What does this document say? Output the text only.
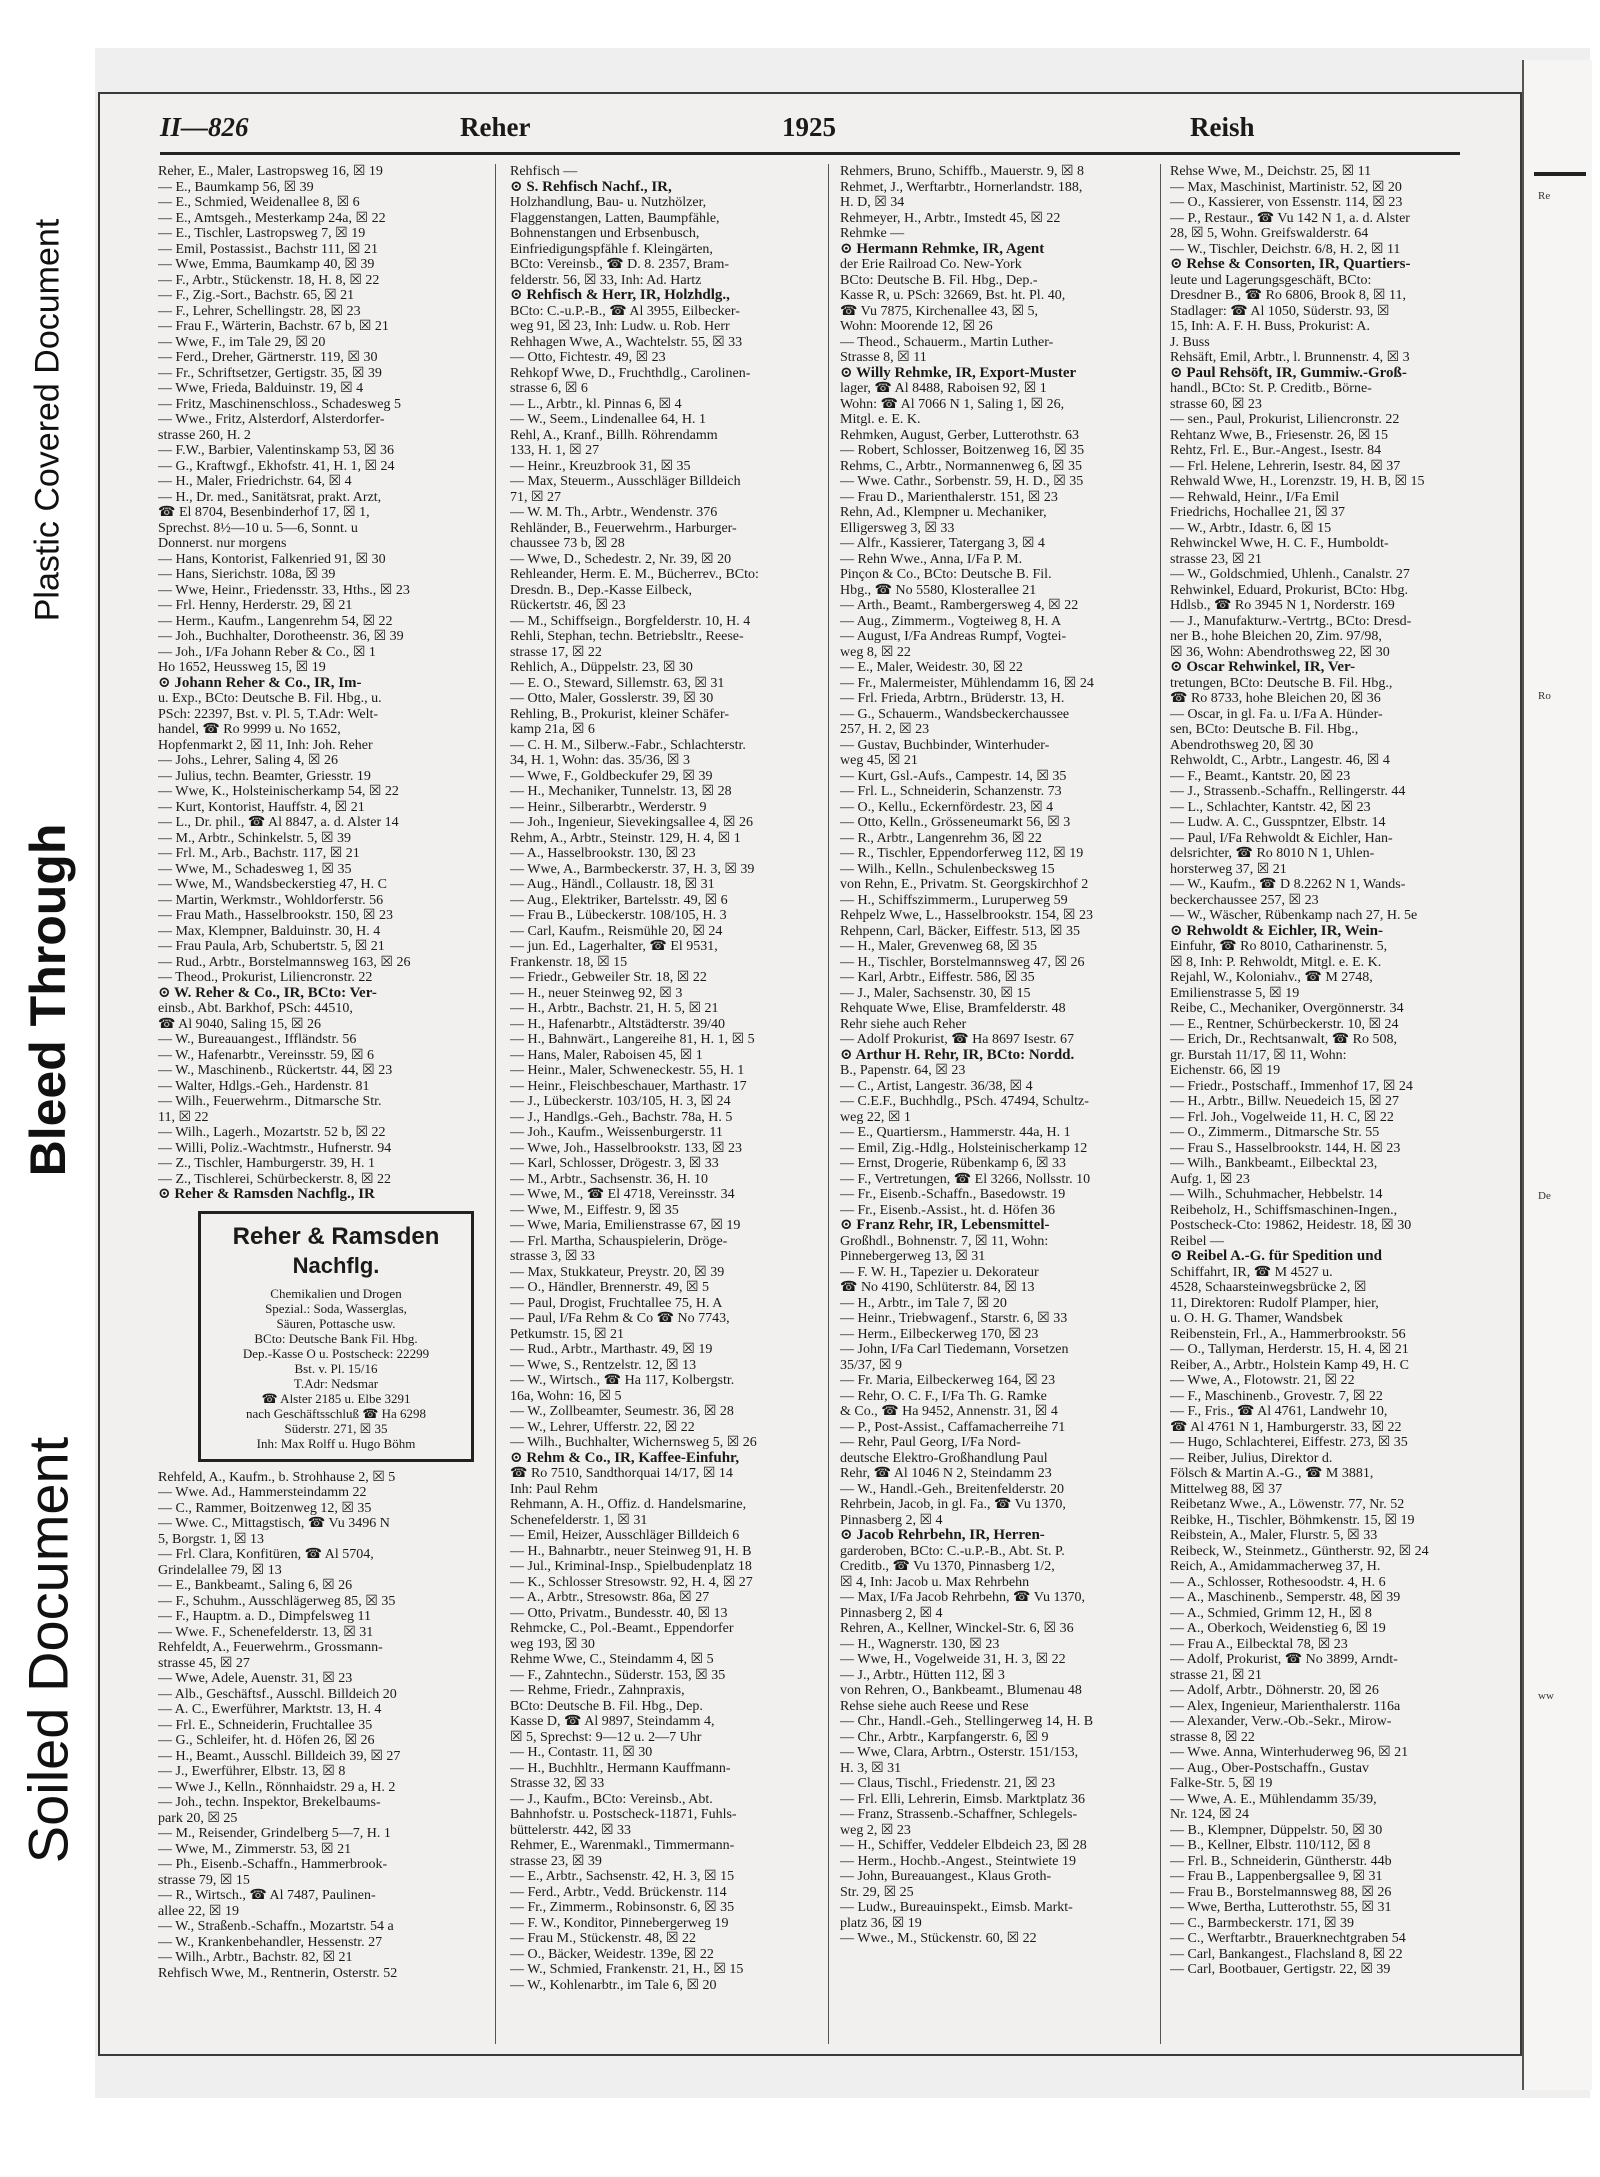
Plastic Covered Document
Bleed Through
Soiled Document
Re
Ro
De
ww
II—826	Reher	1925	Reish
Reher, E., Maler, Lastropsweg 16, ☒ 19
— E., Baumkamp 56, ☒ 39
— E., Schmied, Weidenallee 8, ☒ 6
— E., Amtsgeh., Mesterkamp 24a, ☒ 22
— E., Tischler, Lastropsweg 7, ☒ 19
— Emil, Postassist., Bachstr 111, ☒ 21
— Wwe, Emma, Baumkamp 40, ☒ 39
— F., Arbtr., Stückenstr. 18, H. 8, ☒ 22
— F., Zig.-Sort., Bachstr. 65, ☒ 21
— F., Lehrer, Schellingstr. 28, ☒ 23
— Frau F., Wärterin, Bachstr. 67 b, ☒ 21
— Wwe, F., im Tale 29, ☒ 20
— Ferd., Dreher, Gärtnerstr. 119, ☒ 30
— Fr., Schriftsetzer, Gertigstr. 35, ☒ 39
— Wwe, Frieda, Balduinstr. 19, ☒ 4
— Fritz, Maschinenschloss., Schadesweg 5
— Wwe., Fritz, Alsterdorf, Alsterdorfer-
strasse 260, H. 2
— F.W., Barbier, Valentinskamp 53, ☒ 36
— G., Kraftwgf., Ekhofstr. 41, H. 1, ☒ 24
— H., Maler, Friedrichstr. 64, ☒ 4
— H., Dr. med., Sanitätsrat, prakt. Arzt,
☎ El 8704, Besenbinderhof 17, ☒ 1,
Sprechst. 8½—10 u. 5—6, Sonnt. u
Donnerst. nur morgens
— Hans, Kontorist, Falkenried 91, ☒ 30
— Hans, Sierichstr. 108a, ☒ 39
— Wwe, Heinr., Friedensstr. 33, Hths., ☒ 23
— Frl. Henny, Herderstr. 29, ☒ 21
— Herm., Kaufm., Langenrehm 54, ☒ 22
— Joh., Buchhalter, Dorotheenstr. 36, ☒ 39
— Joh., I/Fa Johann Reber & Co., ☒ 1
Ho 1652, Heussweg 15, ☒ 19
⊙ Johann Reher & Co., IR, Im-
u. Exp., BCto: Deutsche B. Fil. Hbg., u.
PSch: 22397, Bst. v. Pl. 5, T.Adr: Welt-
handel, ☎ Ro 9999 u. No 1652,
Hopfenmarkt 2, ☒ 11, Inh: Joh. Reher
— Johs., Lehrer, Saling 4, ☒ 26
— Julius, techn. Beamter, Griesstr. 19
— Wwe, K., Holsteinischerkamp 54, ☒ 22
— Kurt, Kontorist, Hauffstr. 4, ☒ 21
— L., Dr. phil., ☎ Al 8847, a. d. Alster 14
— M., Arbtr., Schinkelstr. 5, ☒ 39
— Frl. M., Arb., Bachstr. 117, ☒ 21
— Wwe, M., Schadesweg 1, ☒ 35
— Wwe, M., Wandsbeckerstieg 47, H. C
— Martin, Werkmstr., Wohldorferstr. 56
— Frau Math., Hasselbrookstr. 150, ☒ 23
— Max, Klempner, Balduinstr. 30, H. 4
— Frau Paula, Arb, Schubertstr. 5, ☒ 21
— Rud., Arbtr., Borstelmannsweg 163, ☒ 26
— Theod., Prokurist, Liliencronstr. 22
⊙ W. Reher & Co., IR, BCto: Ver-
einsb., Abt. Barkhof, PSch: 44510,
☎ Al 9040, Saling 15, ☒ 26
— W., Bureauangest., Iffländstr. 56
— W., Hafenarbtr., Vereinsstr. 59, ☒ 6
— W., Maschinenb., Rückertstr. 44, ☒ 23
— Walter, Hdlgs.-Geh., Hardenstr. 81
— Wilh., Feuerwehrm., Ditmarsche Str.
11, ☒ 22
— Wilh., Lagerh., Mozartstr. 52 b, ☒ 22
— Willi, Poliz.-Wachtmstr., Hufnerstr. 94
— Z., Tischler, Hamburgerstr. 39, H. 1
— Z., Tischlerei, Schürbeckerstr. 8, ☒ 22
⊙ Reher & Ramsden Nachflg., IR
Reher & Ramsden
Nachflg.
Chemikalien und Drogen
Spezial.: Soda, Wasserglas,
Säuren, Pottasche usw.
BCto: Deutsche Bank Fil. Hbg.
Dep.-Kasse O u. Postscheck: 22299
Bst. v. Pl. 15/16
T.Adr: Nedsmar
☎ Alster 2185 u. Elbe 3291
nach Geschäftsschluß ☎ Ha 6298
Süderstr. 271, ☒ 35
Inh: Max Rolff u. Hugo Böhm
Rehfeld, A., Kaufm., b. Strohhause 2, ☒ 5
— Wwe. Ad., Hammersteindamm 22
— C., Rammer, Boitzenweg 12, ☒ 35
— Wwe. C., Mittagstisch, ☎ Vu 3496 N
5, Borgstr. 1, ☒ 13
— Frl. Clara, Konfitüren, ☎ Al 5704,
Grindelallee 79, ☒ 13
— E., Bankbeamt., Saling 6, ☒ 26
— F., Schuhm., Ausschlägerweg 85, ☒ 35
— F., Hauptm. a. D., Dimpfelsweg 11
— Wwe. F., Schenefelderstr. 13, ☒ 31
Rehfeldt, A., Feuerwehrm., Grossmann-
strasse 45, ☒ 27
— Wwe, Adele, Auenstr. 31, ☒ 23
— Alb., Geschäftsf., Ausschl. Billdeich 20
— A. C., Ewerführer, Marktstr. 13, H. 4
— Frl. E., Schneiderin, Fruchtallee 35
— G., Schleifer, ht. d. Höfen 26, ☒ 26
— H., Beamt., Ausschl. Billdeich 39, ☒ 27
— J., Ewerführer, Elbstr. 13, ☒ 8
— Wwe J., Kelln., Rönnhaidstr. 29 a, H. 2
— Joh., techn. Inspektor, Brekelbaums-
park 20, ☒ 25
— M., Reisender, Grindelberg 5—7, H. 1
— Wwe, M., Zimmerstr. 53, ☒ 21
— Ph., Eisenb.-Schaffn., Hammerbrook-
strasse 79, ☒ 15
— R., Wirtsch., ☎ Al 7487, Paulinen-
allee 22, ☒ 19
— W., Straßenb.-Schaffn., Mozartstr. 54 a
— W., Krankenbehandler, Hessenstr. 27
— Wilh., Arbtr., Bachstr. 82, ☒ 21
Rehfisch Wwe, M., Rentnerin, Osterstr. 52
Rehfisch —
⊙ S. Rehfisch Nachf., IR,
Holzhandlung, Bau- u. Nutzhölzer,
Flaggenstangen, Latten, Baumpfähle,
Bohnenstangen und Erbsenbusch,
Einfriedigungspfähle f. Kleingärten,
BCto: Vereinsb., ☎ D. 8. 2357, Bram-
felderstr. 56, ☒ 33, Inh: Ad. Hartz
⊙ Rehfisch & Herr, IR, Holzhdlg.,
BCto: C.-u.P.-B., ☎ Al 3955, Eilbecker-
weg 91, ☒ 23, Inh: Ludw. u. Rob. Herr
Rehhagen Wwe, A., Wachtelstr. 55, ☒ 33
— Otto, Fichtestr. 49, ☒ 23
Rehkopf Wwe, D., Fruchthdlg., Carolinen-
strasse 6, ☒ 6
— L., Arbtr., kl. Pinnas 6, ☒ 4
— W., Seem., Lindenallee 64, H. 1
Rehl, A., Kranf., Billh. Röhrendamm
133, H. 1, ☒ 27
— Heinr., Kreuzbrook 31, ☒ 35
— Max, Steuerm., Ausschläger Billdeich
71, ☒ 27
— W. M. Th., Arbtr., Wendenstr. 376
Rehländer, B., Feuerwehrm., Harburger-
chaussee 73 b, ☒ 28
— Wwe, D., Schedestr. 2, Nr. 39, ☒ 20
Rehleander, Herm. E. M., Bücherrev., BCto:
Dresdn. B., Dep.-Kasse Eilbeck,
Rückertstr. 46, ☒ 23
— M., Schiffseign., Borgfelderstr. 10, H. 4
Rehli, Stephan, techn. Betriebsltr., Reese-
strasse 17, ☒ 22
Rehlich, A., Düppelstr. 23, ☒ 30
— E. O., Steward, Sillemstr. 63, ☒ 31
— Otto, Maler, Gosslerstr. 39, ☒ 30
Rehling, B., Prokurist, kleiner Schäfer-
kamp 21a, ☒ 6
— C. H. M., Silberw.-Fabr., Schlachterstr.
34, H. 1, Wohn: das. 35/36, ☒ 3
— Wwe, F., Goldbeckufer 29, ☒ 39
— H., Mechaniker, Tunnelstr. 13, ☒ 28
— Heinr., Silberarbtr., Werderstr. 9
— Joh., Ingenieur, Sievekingsallee 4, ☒ 26
Rehm, A., Arbtr., Steinstr. 129, H. 4, ☒ 1
— A., Hasselbrookstr. 130, ☒ 23
— Wwe, A., Barmbeckerstr. 37, H. 3, ☒ 39
— Aug., Händl., Collaustr. 18, ☒ 31
— Aug., Elektriker, Bartelsstr. 49, ☒ 6
— Frau B., Lübeckerstr. 108/105, H. 3
— Carl, Kaufm., Reismühle 20, ☒ 24
— jun. Ed., Lagerhalter, ☎ El 9531,
Frankenstr. 18, ☒ 15
— Friedr., Gebweiler Str. 18, ☒ 22
— H., neuer Steinweg 92, ☒ 3
— H., Arbtr., Bachstr. 21, H. 5, ☒ 21
— H., Hafenarbtr., Altstädterstr. 39/40
— H., Bahnwärt., Langereihe 81, H. 1, ☒ 5
— Hans, Maler, Raboisen 45, ☒ 1
— Heinr., Maler, Schweneckestr. 55, H. 1
— Heinr., Fleischbeschauer, Marthastr. 17
— J., Lübeckerstr. 103/105, H. 3, ☒ 24
— J., Handlgs.-Geh., Bachstr. 78a, H. 5
— Joh., Kaufm., Weissenburgerstr. 11
— Wwe, Joh., Hasselbrookstr. 133, ☒ 23
— Karl, Schlosser, Drögestr. 3, ☒ 33
— M., Arbtr., Sachsenstr. 36, H. 10
— Wwe, M., ☎ El 4718, Vereinsstr. 34
— Wwe, M., Eiffestr. 9, ☒ 35
— Wwe, Maria, Emilienstrasse 67, ☒ 19
— Frl. Martha, Schauspielerin, Dröge-
strasse 3, ☒ 33
— Max, Stukkateur, Preystr. 20, ☒ 39
— O., Händler, Brennerstr. 49, ☒ 5
— Paul, Drogist, Fruchtallee 75, H. A
— Paul, I/Fa Rehm & Co ☎ No 7743,
Petkumstr. 15, ☒ 21
— Rud., Arbtr., Marthastr. 49, ☒ 19
— Wwe, S., Rentzelstr. 12, ☒ 13
— W., Wirtsch., ☎ Ha 117, Kolbergstr.
16a, Wohn: 16, ☒ 5
— W., Zollbeamter, Seumestr. 36, ☒ 28
— W., Lehrer, Ufferstr. 22, ☒ 22
— Wilh., Buchhalter, Wichernsweg 5, ☒ 26
⊙ Rehm & Co., IR, Kaffee-Einfuhr,
☎ Ro 7510, Sandthorquai 14/17, ☒ 14
Inh: Paul Rehm
Rehmann, A. H., Offiz. d. Handelsmarine,
Schenefelderstr. 1, ☒ 31
— Emil, Heizer, Ausschläger Billdeich 6
— H., Bahnarbtr., neuer Steinweg 91, H. B
— Jul., Kriminal-Insp., Spielbudenplatz 18
— K., Schlosser Stresowstr. 92, H. 4, ☒ 27
— A., Arbtr., Stresowstr. 86a, ☒ 27
— Otto, Privatm., Bundesstr. 40, ☒ 13
Rehmcke, C., Pol.-Beamt., Eppendorfer
weg 193, ☒ 30
Rehme Wwe, C., Steindamm 4, ☒ 5
— F., Zahntechn., Süderstr. 153, ☒ 35
— Rehme, Friedr., Zahnpraxis,
BCto: Deutsche B. Fil. Hbg., Dep.
Kasse D, ☎ Al 9897, Steindamm 4,
☒ 5, Sprechst: 9—12 u. 2—7 Uhr
— H., Contastr. 11, ☒ 30
— H., Buchhltr., Hermann Kauffmann-
Strasse 32, ☒ 33
— J., Kaufm., BCto: Vereinsb., Abt.
Bahnhofstr. u. Postscheck-11871, Fuhls-
büttelerstr. 442, ☒ 33
Rehmer, E., Warenmakl., Timmermann-
strasse 23, ☒ 39
— E., Arbtr., Sachsenstr. 42, H. 3, ☒ 15
— Ferd., Arbtr., Vedd. Brückenstr. 114
— Fr., Zimmerm., Robinsonstr. 6, ☒ 35
— F. W., Konditor, Pinnebergerweg 19
— Frau M., Stückenstr. 48, ☒ 22
— O., Bäcker, Weidestr. 139e, ☒ 22
— W., Schmied, Frankenstr. 21, H., ☒ 15
— W., Kohlenarbtr., im Tale 6, ☒ 20
Rehmers, Bruno, Schiffb., Mauerstr. 9, ☒ 8
Rehmet, J., Werftarbtr., Hornerlandstr. 188,
H. D, ☒ 34
Rehmeyer, H., Arbtr., Imstedt 45, ☒ 22
Rehmke —
⊙ Hermann Rehmke, IR, Agent
der Erie Railroad Co. New-York
BCto: Deutsche B. Fil. Hbg., Dep.-
Kasse R, u. PSch: 32669, Bst. ht. Pl. 40,
☎ Vu 7875, Kirchenallee 43, ☒ 5,
Wohn: Moorende 12, ☒ 26
— Theod., Schauerm., Martin Luther-
Strasse 8, ☒ 11
⊙ Willy Rehmke, IR, Export-Muster
lager, ☎ Al 8488, Raboisen 92, ☒ 1
Wohn: ☎ Al 7066 N 1, Saling 1, ☒ 26,
Mitgl. e. E. K.
Rehmken, August, Gerber, Lutterothstr. 63
— Robert, Schlosser, Boitzenweg 16, ☒ 35
Rehms, C., Arbtr., Normannenweg 6, ☒ 35
— Wwe. Cathr., Sorbenstr. 59, H. D., ☒ 35
— Frau D., Marienthalerstr. 151, ☒ 23
Rehn, Ad., Klempner u. Mechaniker,
Elligersweg 3, ☒ 33
— Alfr., Kassierer, Tatergang 3, ☒ 4
— Rehn Wwe., Anna, I/Fa P. M.
Pinçon & Co., BCto: Deutsche B. Fil.
Hbg., ☎ No 5580, Klosterallee 21
— Arth., Beamt., Rambergersweg 4, ☒ 22
— Aug., Zimmerm., Vogteiweg 8, H. A
— August, I/Fa Andreas Rumpf, Vogtei-
weg 8, ☒ 22
— E., Maler, Weidestr. 30, ☒ 22
— Fr., Malermeister, Mühlendamm 16, ☒ 24
— Frl. Frieda, Arbtrn., Brüderstr. 13, H.
— G., Schauerm., Wandsbeckerchaussee
257, H. 2, ☒ 23
— Gustav, Buchbinder, Winterhuder-
weg 45, ☒ 21
— Kurt, Gsl.-Aufs., Campestr. 14, ☒ 35
— Frl. L., Schneiderin, Schanzenstr. 73
— O., Kellu., Eckernfördestr. 23, ☒ 4
— Otto, Kelln., Grösseneumarkt 56, ☒ 3
— R., Arbtr., Langenrehm 36, ☒ 22
— R., Tischler, Eppendorferweg 112, ☒ 19
— Wilh., Kelln., Schulenbecksweg 15
von Rehn, E., Privatm. St. Georgskirchhof 2
— H., Schiffszimmerm., Luruperweg 59
Rehpelz Wwe, L., Hasselbrookstr. 154, ☒ 23
Rehpenn, Carl, Bäcker, Eiffestr. 513, ☒ 35
— H., Maler, Grevenweg 68, ☒ 35
— H., Tischler, Borstelmannsweg 47, ☒ 26
— Karl, Arbtr., Eiffestr. 586, ☒ 35
— J., Maler, Sachsenstr. 30, ☒ 15
Rehquate Wwe, Elise, Bramfelderstr. 48
Rehr siehe auch Reher
— Adolf Prokurist, ☎ Ha 8697 Isestr. 67
⊙ Arthur H. Rehr, IR, BCto: Nordd.
B., Papenstr. 64, ☒ 23
— C., Artist, Langestr. 36/38, ☒ 4
— C.E.F., Buchhdlg., PSch. 47494, Schultz-
weg 22, ☒ 1
— E., Quartiersm., Hammerstr. 44a, H. 1
— Emil, Zig.-Hdlg., Holsteinischerkamp 12
— Ernst, Drogerie, Rübenkamp 6, ☒ 33
— F., Vertretungen, ☎ El 3266, Nollsstr. 10
— Fr., Eisenb.-Schaffn., Basedowstr. 19
— Fr., Eisenb.-Assist., ht. d. Höfen 36
⊙ Franz Rehr, IR, Lebensmittel-
Großhdl., Bohnenstr. 7, ☒ 11, Wohn:
Pinnebergerweg 13, ☒ 31
— F. W. H., Tapezier u. Dekorateur
☎ No 4190, Schlüterstr. 84, ☒ 13
— H., Arbtr., im Tale 7, ☒ 20
— Heinr., Triebwagenf., Starstr. 6, ☒ 33
— Herm., Eilbeckerweg 170, ☒ 23
— John, I/Fa Carl Tiedemann, Vorsetzen
35/37, ☒ 9
— Fr. Maria, Eilbeckerweg 164, ☒ 23
— Rehr, O. C. F., I/Fa Th. G. Ramke
& Co., ☎ Ha 9452, Annenstr. 31, ☒ 4
— P., Post-Assist., Caffamacherreihe 71
— Rehr, Paul Georg, I/Fa Nord-
deutsche Elektro-Großhandlung Paul
Rehr, ☎ Al 1046 N 2, Steindamm 23
— W., Handl.-Geh., Breitenfelderstr. 20
Rehrbein, Jacob, in gl. Fa., ☎ Vu 1370,
Pinnasberg 2, ☒ 4
⊙ Jacob Rehrbehn, IR, Herren-
garderoben, BCto: C.-u.P.-B., Abt. St. P.
Creditb., ☎ Vu 1370, Pinnasberg 1/2,
☒ 4, Inh: Jacob u. Max Rehrbehn
— Max, I/Fa Jacob Rehrbehn, ☎ Vu 1370,
Pinnasberg 2, ☒ 4
Rehren, A., Kellner, Winckel-Str. 6, ☒ 36
— H., Wagnerstr. 130, ☒ 23
— Wwe, H., Vogelweide 31, H. 3, ☒ 22
— J., Arbtr., Hütten 112, ☒ 3
von Rehren, O., Bankbeamt., Blumenau 48
Rehse siehe auch Reese und Rese
— Chr., Handl.-Geh., Stellingerweg 14, H. B
— Chr., Arbtr., Karpfangerstr. 6, ☒ 9
— Wwe, Clara, Arbtrn., Osterstr. 151/153,
H. 3, ☒ 31
— Claus, Tischl., Friedenstr. 21, ☒ 23
— Frl. Elli, Lehrerin, Eimsb. Marktplatz 36
— Franz, Strassenb.-Schaffner, Schlegels-
weg 2, ☒ 23
— H., Schiffer, Veddeler Elbdeich 23, ☒ 28
— Herm., Hochb.-Angest., Steintwiete 19
— John, Bureauangest., Klaus Groth-
Str. 29, ☒ 25
— Ludw., Bureauinspekt., Eimsb. Markt-
platz 36, ☒ 19
— Wwe., M., Stückenstr. 60, ☒ 22
Rehse Wwe, M., Deichstr. 25, ☒ 11
— Max, Maschinist, Martinistr. 52, ☒ 20
— O., Kassierer, von Essenstr. 114, ☒ 23
— P., Restaur., ☎ Vu 142 N 1, a. d. Alster
28, ☒ 5, Wohn. Greifswalderstr. 64
— W., Tischler, Deichstr. 6/8, H. 2, ☒ 11
⊙ Rehse & Consorten, IR, Quartiers-
leute und Lagerungsgeschäft, BCto:
Dresdner B., ☎ Ro 6806, Brook 8, ☒ 11,
Stadlager: ☎ Al 1050, Süderstr. 93, ☒
15, Inh: A. F. H. Buss, Prokurist: A.
J. Buss
Rehsäft, Emil, Arbtr., l. Brunnenstr. 4, ☒ 3
⊙ Paul Rehsöft, IR, Gummiw.-Groß-
handl., BCto: St. P. Creditb., Börne-
strasse 60, ☒ 23
— sen., Paul, Prokurist, Liliencronstr. 22
Rehtanz Wwe, B., Friesenstr. 26, ☒ 15
Rehtz, Frl. E., Bur.-Angest., Isestr. 84
— Frl. Helene, Lehrerin, Isestr. 84, ☒ 37
Rehwald Wwe, H., Lorenzstr. 19, H. B, ☒ 15
— Rehwald, Heinr., I/Fa Emil
Friedrichs, Hochallee 21, ☒ 37
— W., Arbtr., Idastr. 6, ☒ 15
Rehwinckel Wwe, H. C. F., Humboldt-
strasse 23, ☒ 21
— W., Goldschmied, Uhlenh., Canalstr. 27
Rehwinkel, Eduard, Prokurist, BCto: Hbg.
Hdlsb., ☎ Ro 3945 N 1, Norderstr. 169
— J., Manufakturw.-Vertrtg., BCto: Dresd-
ner B., hohe Bleichen 20, Zim. 97/98,
☒ 36, Wohn: Abendrothsweg 22, ☒ 30
⊙ Oscar Rehwinkel, IR, Ver-
tretungen, BCto: Deutsche B. Fil. Hbg.,
☎ Ro 8733, hohe Bleichen 20, ☒ 36
— Oscar, in gl. Fa. u. I/Fa A. Hünder-
sen, BCto: Deutsche B. Fil. Hbg.,
Abendrothsweg 20, ☒ 30
Rehwoldt, C., Arbtr., Langestr. 46, ☒ 4
— F., Beamt., Kantstr. 20, ☒ 23
— J., Strassenb.-Schaffn., Rellingerstr. 44
— L., Schlachter, Kantstr. 42, ☒ 23
— Ludw. A. C., Gusspntzer, Elbstr. 14
— Paul, I/Fa Rehwoldt & Eichler, Han-
delsrichter, ☎ Ro 8010 N 1, Uhlen-
horsterweg 37, ☒ 21
— W., Kaufm., ☎ D 8.2262 N 1, Wands-
beckerchaussee 257, ☒ 23
— W., Wäscher, Rübenkamp nach 27, H. 5e
⊙ Rehwoldt & Eichler, IR, Wein-
Einfuhr, ☎ Ro 8010, Catharinenstr. 5,
☒ 8, Inh: P. Rehwoldt, Mitgl. e. E. K.
Rejahl, W., Koloniahv., ☎ M 2748,
Emilienstrasse 5, ☒ 19
Reibe, C., Mechaniker, Overgönnerstr. 34
— E., Rentner, Schürbeckerstr. 10, ☒ 24
— Erich, Dr., Rechtsanwalt, ☎ Ro 508,
gr. Burstah 11/17, ☒ 11, Wohn:
Eichenstr. 66, ☒ 19
— Friedr., Postschaff., Immenhof 17, ☒ 24
— H., Arbtr., Billw. Neuedeich 15, ☒ 27
— Frl. Joh., Vogelweide 11, H. C, ☒ 22
— O., Zimmerm., Ditmarsche Str. 55
— Frau S., Hasselbrookstr. 144, H. ☒ 23
— Wilh., Bankbeamt., Eilbecktal 23,
Aufg. 1, ☒ 23
— Wilh., Schuhmacher, Hebbelstr. 14
Reibeholz, H., Schiffsmaschinen-Ingen.,
Postscheck-Cto: 19862, Heidestr. 18, ☒ 30
Reibel —
⊙ Reibel A.-G. für Spedition und
Schiffahrt, IR, ☎ M 4527 u.
4528, Schaarsteinwegsbrücke 2, ☒
11, Direktoren: Rudolf Plamper, hier,
u. O. H. G. Thamer, Wandsbek
Reibenstein, Frl., A., Hammerbrookstr. 56
— O., Tallyman, Herderstr. 15, H. 4, ☒ 21
Reiber, A., Arbtr., Holstein Kamp 49, H. C
— Wwe, A., Flotowstr. 21, ☒ 22
— F., Maschinenb., Grovestr. 7, ☒ 22
— F., Fris., ☎ Al 4761, Landwehr 10,
☎ Al 4761 N 1, Hamburgerstr. 33, ☒ 22
— Hugo, Schlachterei, Eiffestr. 273, ☒ 35
— Reiber, Julius, Direktor d.
Fölsch & Martin A.-G., ☎ M 3881,
Mittelweg 88, ☒ 37
Reibetanz Wwe., A., Löwenstr. 77, Nr. 52
Reibke, H., Tischler, Böhmkenstr. 15, ☒ 19
Reibstein, A., Maler, Flurstr. 5, ☒ 33
Reibeck, W., Steinmetz., Güntherstr. 92, ☒ 24
Reich, A., Amidammacherweg 37, H.
— A., Schlosser, Rothesoodstr. 4, H. 6
— A., Maschinenb., Semperstr. 48, ☒ 39
— A., Schmied, Grimm 12, H., ☒ 8
— A., Oberkoch, Weidenstieg 6, ☒ 19
— Frau A., Eilbecktal 78, ☒ 23
— Adolf, Prokurist, ☎ No 3899, Arndt-
strasse 21, ☒ 21
— Adolf, Arbtr., Döhnerstr. 20, ☒ 26
— Alex, Ingenieur, Marienthalerstr. 116a
— Alexander, Verw.-Ob.-Sekr., Mirow-
strasse 8, ☒ 22
— Wwe. Anna, Winterhuderweg 96, ☒ 21
— Aug., Ober-Postschaffn., Gustav
Falke-Str. 5, ☒ 19
— Wwe, A. E., Mühlendamm 35/39,
Nr. 124, ☒ 24
— B., Klempner, Düppelstr. 50, ☒ 30
— B., Kellner, Elbstr. 110/112, ☒ 8
— Frl. B., Schneiderin, Güntherstr. 44b
— Frau B., Lappenbergsallee 9, ☒ 31
— Frau B., Borstelmannsweg 88, ☒ 26
— Wwe, Bertha, Lutterothstr. 55, ☒ 31
— C., Barmbeckerstr. 171, ☒ 39
— C., Werftarbtr., Brauerknechtgraben 54
— Carl, Bankangest., Flachsland 8, ☒ 22
— Carl, Bootbauer, Gertigstr. 22, ☒ 39
